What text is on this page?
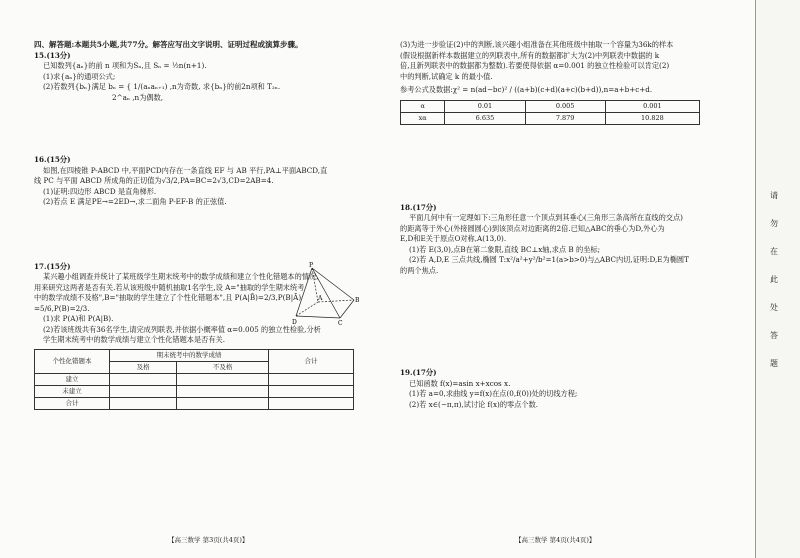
四、解答题:本题共5小题,共77分。解答应写出文字说明、证明过程或演算步骤。
15.(13分)
已知数列{aₙ}的前 n 项和为Sₙ,且 Sₙ = ½n(n+1).
(1)求{aₙ}的通项公式;
(2)若数列{bₙ}满足 bₙ = { 1/(aₙaₙ₊₁) ,n为奇数, 求{bₙ}的前2n项和 T₂ₙ.
2^aₙ ,n为偶数,
16.(15分)
如图,在四棱锥 P-ABCD 中,平面PCD内存在一条直线 EF 与 AB 平行,PA⊥平面ABCD,直
线 PC 与平面 ABCD 所成角的正切值为√3/2,PA=BC=2√3,CD=2AB=4.
(1)证明:四边形 ABCD 是直角梯形.
(2)若点 E 满足PE→=2ED→,求二面角 P-EF-B 的正弦值.
17.(15分)
某兴趣小组调查并统计了某班级学生期末统考中的数学成绩和建立个性化错题本的情况,
用来研究这两者是否有关.若从该班级中随机抽取1名学生,设 A="抽取的学生期末统考
中的数学成绩不及格",B="抽取的学生建立了个性化错题本",且 P(A|B̄)=2/3,P(B|Ā)
=5/6,P(B)=2/3.
(1)求 P(A)和 P(A|B).
(2)若该班级共有36名学生,请完成列联表,并依据小概率值 α=0.005 的独立性检验,分析
学生期末统考中的数学成绩与建立个性化错题本是否有关.
个性化错题本	期末统考中的数学成绩		合计
	及格	不及格	
建立			
未建立			
合计			
P
A	B
C
D
【高三数学 第3页(共4页)】
(3)为进一步验证(2)中的判断,该兴趣小组准备在其他班级中抽取一个容量为36k的样本
(假设根据新样本数据建立的列联表中,所有的数据都扩大为(2)中列联表中数据的 k
倍,且新列联表中的数据都为整数).若要使得依据 α=0.001 的独立性检验可以肯定(2)
中的判断,试确定 k 的最小值.
参考公式及数据:χ² = n(ad−bc)² / ((a+b)(c+d)(a+c)(b+d)),n=a+b+c+d.
α	0.01	0.005	0.001
xα	6.635	7.879	10.828
18.(17分)
平面几何中有一定理如下:三角形任意一个顶点到其垂心(三角形三条高所在直线的交点)
的距离等于外心(外接圆圆心)到该顶点对边距离的2倍.已知△ABC的垂心为D,外心为
E,D和E关于原点O对称,A(13,0).
(1)若 E(3,0),点B在第二象限,直线 BC⊥x轴,求点 B 的坐标;
(2)若 A,D,E 三点共线,椭圆 T:x²/a²+y²/b²=1(a>b>0)与△ABC内切,证明:D,E为椭圆T
的两个焦点.
19.(17分)
已知函数 f(x)=asin x+xcos x.
(1)若 a=0,求曲线 y=f(x)在点(0,f(0))处的切线方程;
(2)若 x∈(−π,π),试讨论 f(x)的零点个数.
【高三数学 第4页(共4页)】
请
勿
在
此
处
答
题
